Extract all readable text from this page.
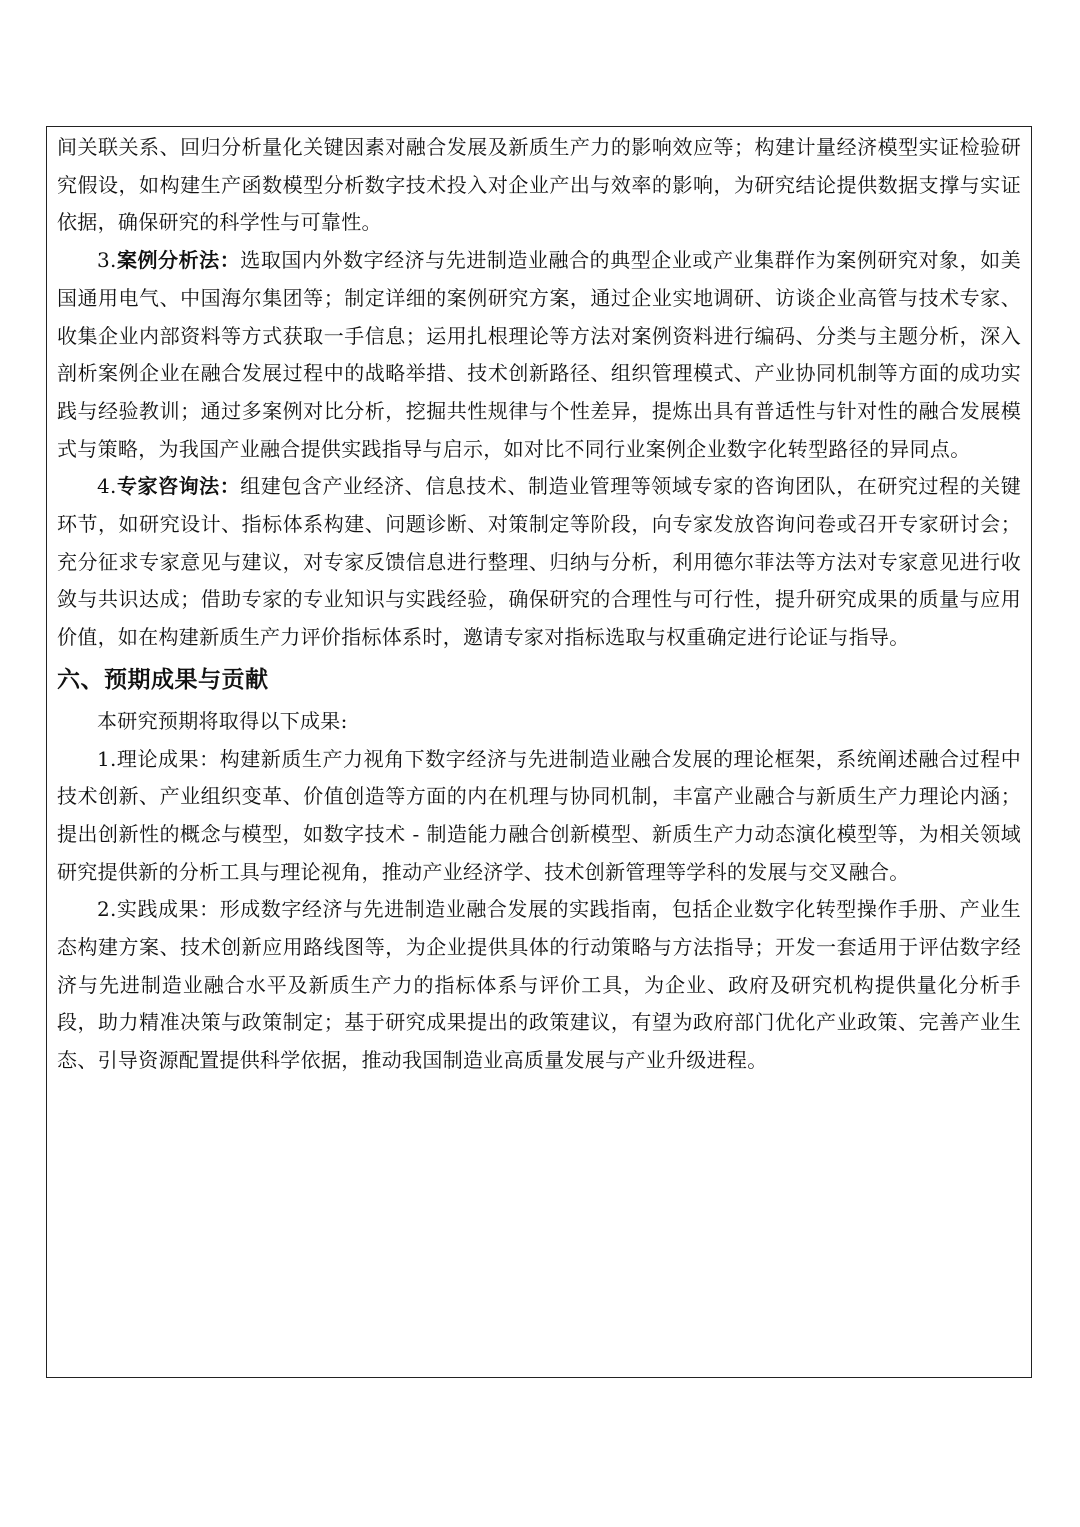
间关联关系、回归分析量化关键因素对融合发展及新质生产力的影响效应等；构建计量经济模型实证检验研究假设，如构建生产函数模型分析数字技术投入对企业产出与效率的影响，为研究结论提供数据支撑与实证依据，确保研究的科学性与可靠性。

3.案例分析法：选取国内外数字经济与先进制造业融合的典型企业或产业集群作为案例研究对象，如美国通用电气、中国海尔集团等；制定详细的案例研究方案，通过企业实地调研、访谈企业高管与技术专家、收集企业内部资料等方式获取一手信息；运用扎根理论等方法对案例资料进行编码、分类与主题分析，深入剖析案例企业在融合发展过程中的战略举措、技术创新路径、组织管理模式、产业协同机制等方面的成功实践与经验教训；通过多案例对比分析，挖掘共性规律与个性差异，提炼出具有普适性与针对性的融合发展模式与策略，为我国产业融合提供实践指导与启示，如对比不同行业案例企业数字化转型路径的异同点。

4.专家咨询法：组建包含产业经济、信息技术、制造业管理等领域专家的咨询团队，在研究过程的关键环节，如研究设计、指标体系构建、问题诊断、对策制定等阶段，向专家发放咨询问卷或召开专家研讨会；充分征求专家意见与建议，对专家反馈信息进行整理、归纳与分析，利用德尔菲法等方法对专家意见进行收敛与共识达成；借助专家的专业知识与实践经验，确保研究的合理性与可行性，提升研究成果的质量与应用价值，如在构建新质生产力评价指标体系时，邀请专家对指标选取与权重确定进行论证与指导。

六、预期成果与贡献

本研究预期将取得以下成果:

1.理论成果：构建新质生产力视角下数字经济与先进制造业融合发展的理论框架，系统阐述融合过程中技术创新、产业组织变革、价值创造等方面的内在机理与协同机制，丰富产业融合与新质生产力理论内涵；提出创新性的概念与模型，如数字技术 - 制造能力融合创新模型、新质生产力动态演化模型等，为相关领域研究提供新的分析工具与理论视角，推动产业经济学、技术创新管理等学科的发展与交叉融合。

2.实践成果：形成数字经济与先进制造业融合发展的实践指南，包括企业数字化转型操作手册、产业生态构建方案、技术创新应用路线图等，为企业提供具体的行动策略与方法指导；开发一套适用于评估数字经济与先进制造业融合水平及新质生产力的指标体系与评价工具，为企业、政府及研究机构提供量化分析手段，助力精准决策与政策制定；基于研究成果提出的政策建议，有望为政府部门优化产业政策、完善产业生态、引导资源配置提供科学依据，推动我国制造业高质量发展与产业升级进程。
